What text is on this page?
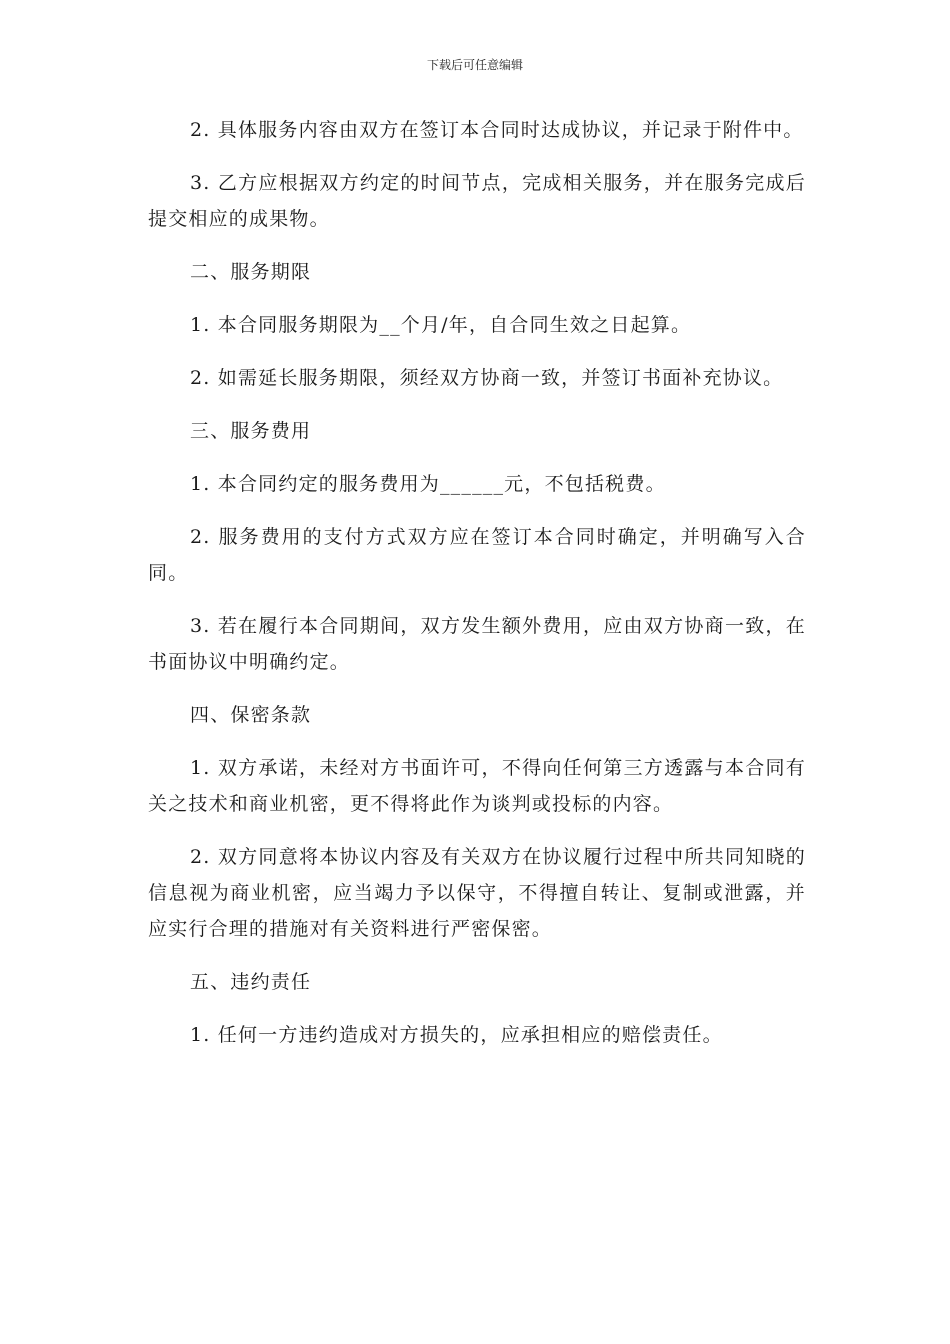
下载后可任意编辑

2. 具体服务内容由双方在签订本合同时达成协议，并记录于附件中。

3. 乙方应根据双方约定的时间节点，完成相关服务，并在服务完成后提交相应的成果物。

二、服务期限

1. 本合同服务期限为__个月/年，自合同生效之日起算。

2. 如需延长服务期限，须经双方协商一致，并签订书面补充协议。

三、服务费用

1. 本合同约定的服务费用为______元，不包括税费。

2. 服务费用的支付方式双方应在签订本合同时确定，并明确写入合同。

3. 若在履行本合同期间，双方发生额外费用，应由双方协商一致，在书面协议中明确约定。

四、保密条款

1. 双方承诺，未经对方书面许可，不得向任何第三方透露与本合同有关之技术和商业机密，更不得将此作为谈判或投标的内容。

2. 双方同意将本协议内容及有关双方在协议履行过程中所共同知晓的信息视为商业机密，应当竭力予以保守，不得擅自转让、复制或泄露，并应实行合理的措施对有关资料进行严密保密。

五、违约责任

1. 任何一方违约造成对方损失的，应承担相应的赔偿责任。
